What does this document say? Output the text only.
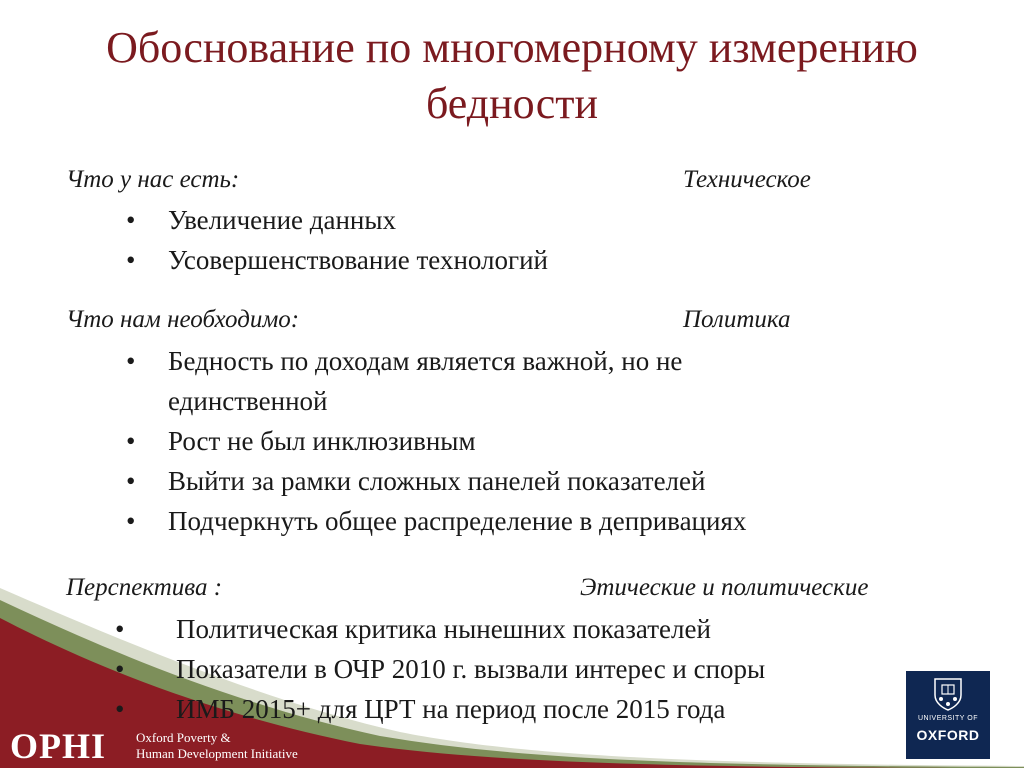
Обоснование по многомерному измерению бедности
Что у нас есть:	Техническое
• Увеличение данных
• Усовершенствование технологий
Что нам необходимо:	Политика
• Бедность по доходам является важной, но не единственной
• Рост не был инклюзивным
• Выйти за рамки сложных панелей показателей
• Подчеркнуть общее распределение в депривациях
Перспектива :	Этические и политические
• Политическая критика нынешних показателей
• Показатели в ОЧР 2010 г. вызвали интерес и споры
• ИМБ 2015+ для ЦРТ на период после 2015 года
OPHI Oxford Poverty &
Human Development Initiative
UNIVERSITY OF
OXFORD
